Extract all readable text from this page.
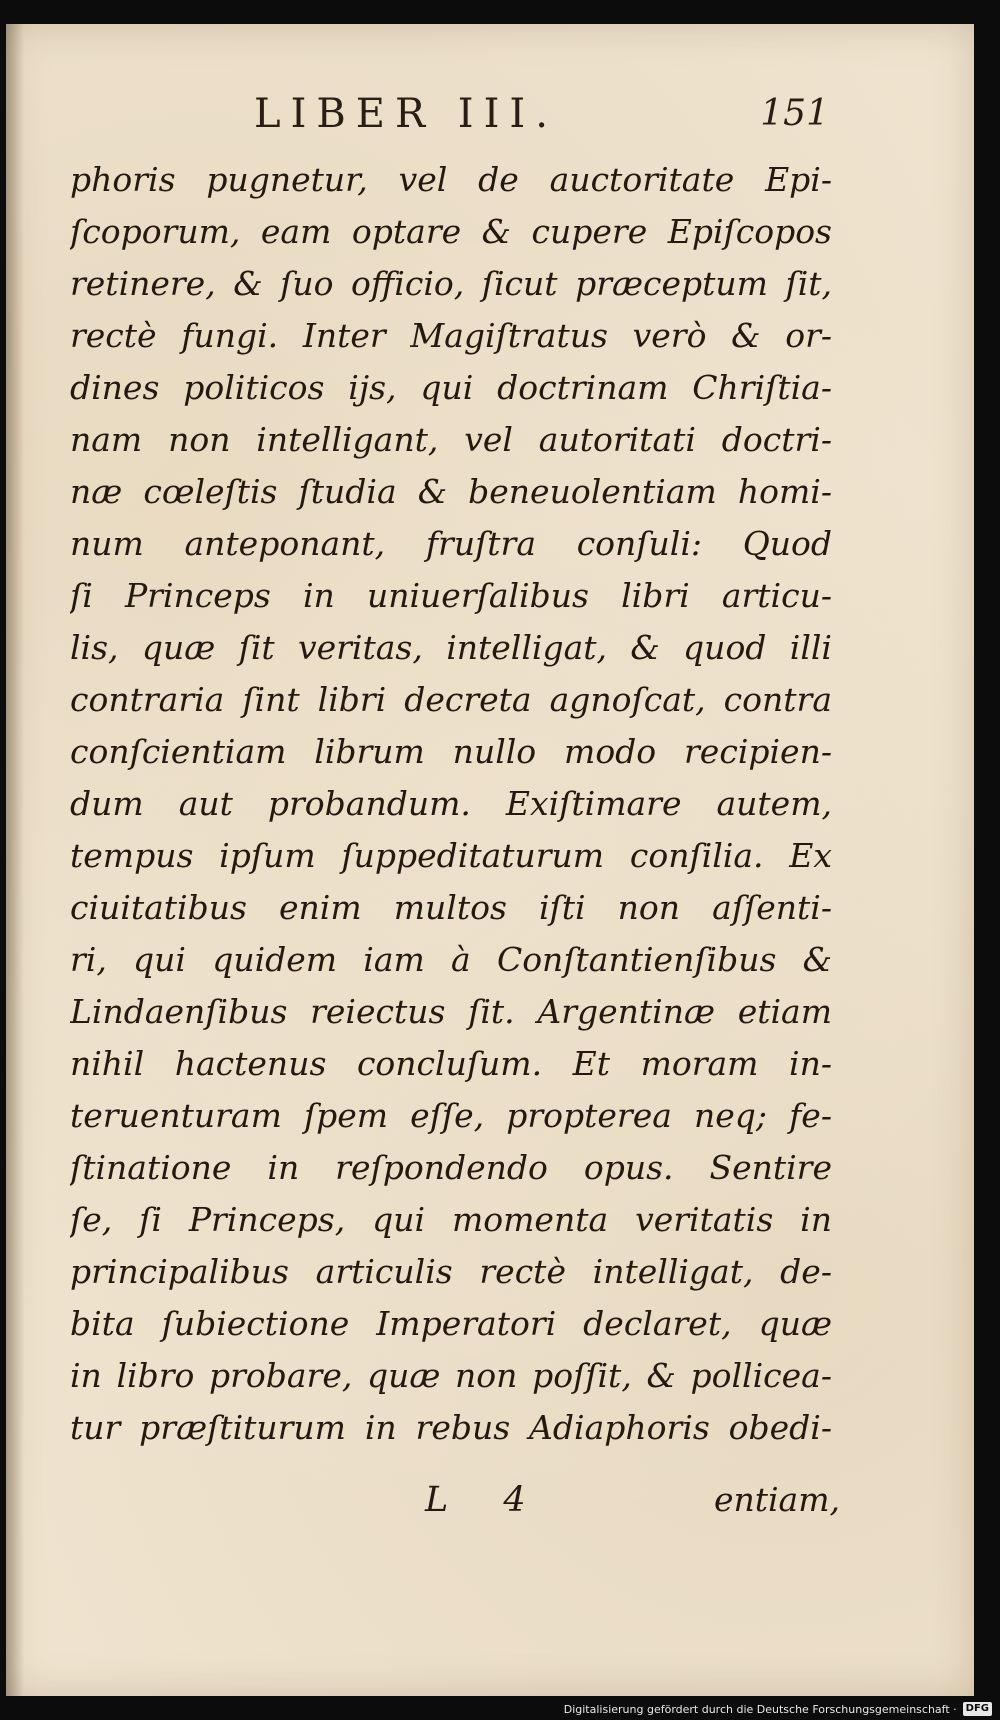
LIBER III.	151
phoris pugnetur, vel de auctoritate Epi-
ſcoporum, eam optare & cupere Epiſcopos
retinere, & ſuo officio, ſicut præceptum ſit,
rectè fungi. Inter Magiſtratus verò & or-
dines politicos ijs, qui doctrinam Chriſtia-
nam non intelligant, vel autoritati doctri-
næ cœleſtis ſtudia & beneuolentiam homi-
num anteponant, fruſtra conſuli: Quod
ſi Princeps in uniuerſalibus libri articu-
lis, quæ ſit veritas, intelligat, & quod illi
contraria ſint libri decreta agnoſcat, contra
conſcientiam librum nullo modo recipien-
dum aut probandum. Exiſtimare autem,
tempus ipſum ſuppeditaturum conſilia. Ex
ciuitatibus enim multos iſti non aſſenti-
ri, qui quidem iam à Conſtantienſibus &
Lindaenſibus reiectus ſit. Argentinæ etiam
nihil hactenus concluſum. Et moram in-
teruenturam ſpem eſſe, propterea neq; fe-
ſtinatione in reſpondendo opus. Sentire
ſe, ſi Princeps, qui momenta veritatis in
principalibus articulis rectè intelligat, de-
bita ſubiectione Imperatori declaret, quæ
in libro probare, quæ non poſſit, & pollicea-
tur præſtiturum in rebus Adiaphoris obedi-
L 4	entiam,
Digitalisierung gefördert durch die Deutsche Forschungsgemeinschaft · DFG
